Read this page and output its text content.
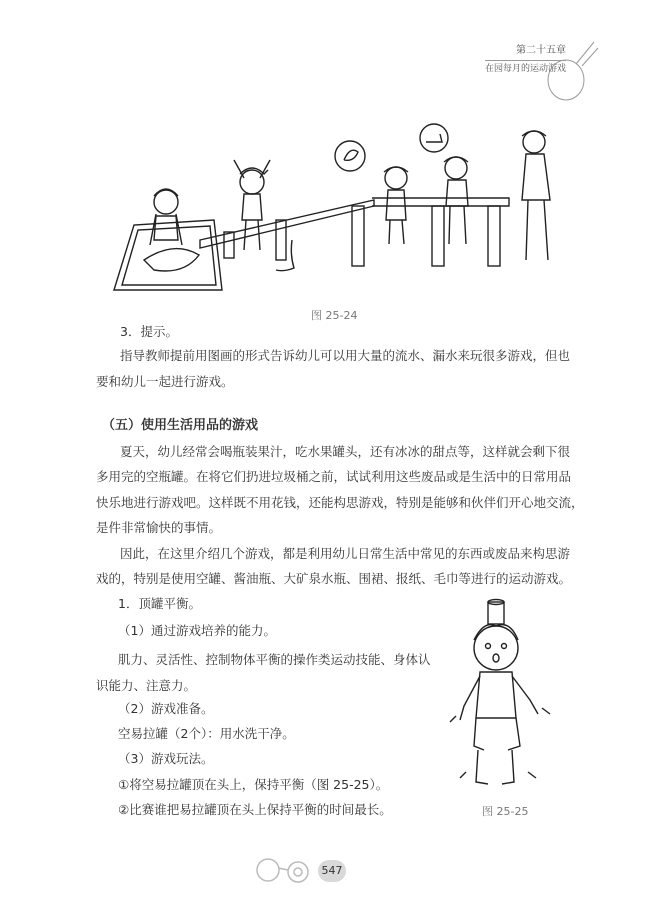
第二十五章
在园每月的运动游戏
图 25-24
3．提示。
指导教师提前用图画的形式告诉幼儿可以用大量的流水、漏水来玩很多游戏，但也
要和幼儿一起进行游戏。
（五）使用生活用品的游戏
夏天，幼儿经常会喝瓶装果汁，吃水果罐头，还有冰冰的甜点等，这样就会剩下很
多用完的空瓶罐。在将它们扔进垃圾桶之前，试试利用这些废品或是生活中的日常用品
快乐地进行游戏吧。这样既不用花钱，还能构思游戏，特别是能够和伙伴们开心地交流，
是件非常愉快的事情。
因此，在这里介绍几个游戏，都是利用幼儿日常生活中常见的东西或废品来构思游
戏的，特别是使用空罐、酱油瓶、大矿泉水瓶、围裙、报纸、毛巾等进行的运动游戏。
1．顶罐平衡。
（1）通过游戏培养的能力。
肌力、灵活性、控制物体平衡的操作类运动技能、身体认
识能力、注意力。
（2）游戏准备。
空易拉罐（2个）：用水洗干净。
（3）游戏玩法。
①将空易拉罐顶在头上，保持平衡（图 25-25）。
②比赛谁把易拉罐顶在头上保持平衡的时间最长。	图 25-25
547
